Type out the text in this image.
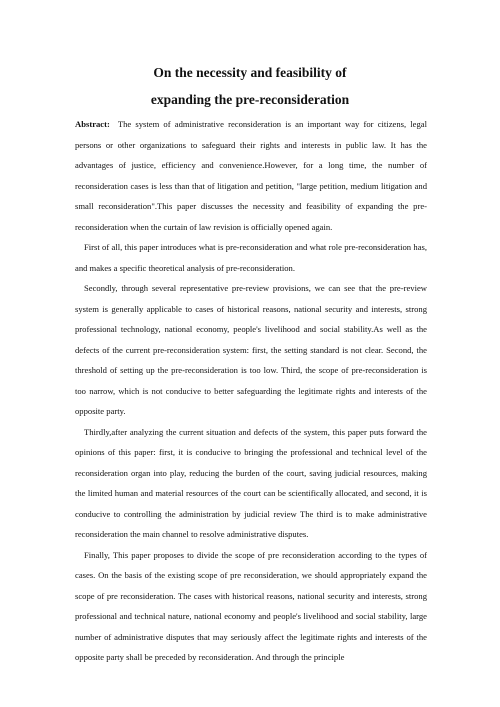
On the necessity and feasibility of
expanding the pre-reconsideration

Abstract: The system of administrative reconsideration is an important way for citizens, legal persons or other organizations to safeguard their rights and interests in public law. It has the advantages of justice, efficiency and convenience.However, for a long time, the number of reconsideration cases is less than that of litigation and petition, "large petition, medium litigation and small reconsideration".This paper discusses the necessity and feasibility of expanding the pre-reconsideration when the curtain of law revision is officially opened again.

First of all, this paper introduces what is pre-reconsideration and what role pre-reconsideration has, and makes a specific theoretical analysis of pre-reconsideration.

Secondly, through several representative pre-review provisions, we can see that the pre-review system is generally applicable to cases of historical reasons, national security and interests, strong professional technology, national economy, people's livelihood and social stability.As well as the defects of the current pre-reconsideration system: first, the setting standard is not clear. Second, the threshold of setting up the pre-reconsideration is too low. Third, the scope of pre-reconsideration is too narrow, which is not conducive to better safeguarding the legitimate rights and interests of the opposite party.

Thirdly,after analyzing the current situation and defects of the system, this paper puts forward the opinions of this paper: first, it is conducive to bringing the professional and technical level of the reconsideration organ into play, reducing the burden of the court, saving judicial resources, making the limited human and material resources of the court can be scientifically allocated, and second, it is conducive to controlling the administration by judicial review The third is to make administrative reconsideration the main channel to resolve administrative disputes.

Finally, This paper proposes to divide the scope of pre reconsideration according to the types of cases. On the basis of the existing scope of pre reconsideration, we should appropriately expand the scope of pre reconsideration. The cases with historical reasons, national security and interests, strong professional and technical nature, national economy and people's livelihood and social stability, large number of administrative disputes that may seriously affect the legitimate rights and interests of the opposite party shall be preceded by reconsideration. And through the principle
